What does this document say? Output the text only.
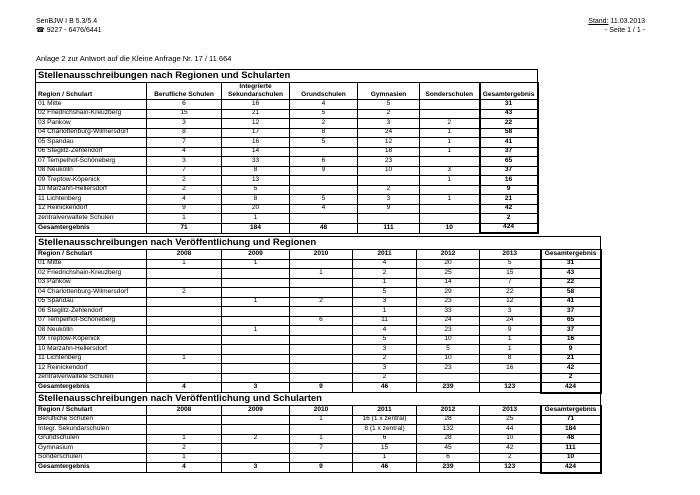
SenBJW I B 5.3/5.4
☎ 9227 - 6476/6441
Stand: 11.03.2013
- Seite 1 / 1 -
Anlage 2 zur Antwort auf die Kleine Anfrage Nr. 17 / 11 664
Stellenausschreibungen nach Regionen und Schularten						
Region / Schulart	Berufliche Schulen	Integrierte Sekundarschulen	Grundschulen	Gymnasien	Sonderschulen	Gesamtergebnis
01 Mitte	6	16	4	5		31
02 Friedrichshain-Kreuzberg	15	21	5	2		43
03 Pankow	3	12	2	3	2	22
04 Charlottenburg-Wilmersdorf	8	17	8	24	1	58
05 Spandau	7	16	5	12	1	41
06 Steglitz-Zehlendorf	4	14		18	1	37
07 Tempelhof-Schöneberg	3	33	6	23		65
08 Neukölln	7	8	9	10	3	37
09 Treptow-Köpenick	2	13			1	16
10 Marzahn-Hellersdorf	2	5		2		9
11 Lichtenberg	4	8	5	3	1	21
12 Reinickendorf	9	20	4	9		42
zentralverwaltete Schulen	1	1				2
Gesamtergebnis	71	184	48	111	10	424
Stellenausschreibungen nach Veröffentlichung und Regionen							
Region / Schulart	2008	2009	2010	2011	2012	2013	Gesamtergebnis
01 Mitte	1	1		4	20	5	31
02 Friedrichshain-Kreuzberg			1	2	25	15	43
03 Pankow				1	14	7	22
04 Charlottenburg-Wilmersdorf	2			5	29	22	58
05 Spandau		1	2	3	23	12	41
06 Steglitz-Zehlendorf				1	33	3	37
07 Tempelhof-Schöneberg			6	11	24	24	65
08 Neukölln		1		4	23	9	37
09 Treptow-Köpenick				5	10	1	16
10 Marzahn-Hellersdorf				3	5	1	9
11 Lichtenberg	1			2	10	8	21
12 Reinickendorf				3	23	16	42
zentralverwaltete Schulen				2			2
Gesamtergebnis	4	3	9	46	239	123	424
Stellenausschreibungen nach Veröffentlichung und Schularten							
Region / Schulart	2008	2009	2010	2011	2012	2013	Gesamtergebnis
Berufliche Schulen			1	16 (1 x zentral)	28	25	71
Integr. Sekundarschulen				8 (1 x zentral)	132	44	184
Grundschulen	1	2	1	6	28	10	48
Gymnasium	2		7	15	45	42	111
Sonderschulen	1			1	6	2	10
Gesamtergebnis	4	3	9	46	239	123	424
